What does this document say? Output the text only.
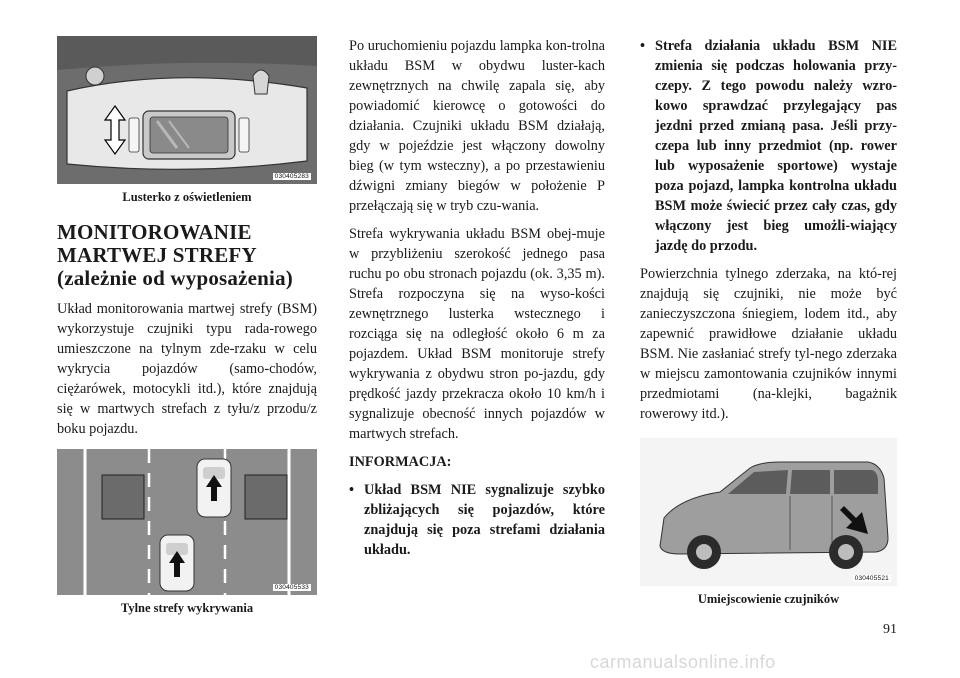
030405283
Lusterko z oświetleniem
MONITOROWANIE
MARTWEJ STREFY
(zależnie od wyposażenia)

Układ monitorowania martwej strefy (BSM) wykorzystuje czujniki typu rada-rowego umieszczone na tylnym zde-rzaku w celu wykrycia pojazdów (samo-chodów, ciężarówek, motocykli itd.), które znajdują się w martwych strefach z tyłu/z przodu/z boku pojazdu.

030405533
Tylne strefy wykrywania

Po uruchomieniu pojazdu lampka kon-trolna układu BSM w obydwu luster-kach zewnętrznych na chwilę zapala się, aby powiadomić kierowcę o gotowości do działania. Czujniki układu BSM działają, gdy w pojeździe jest włączony dowolny bieg (w tym wsteczny), a po przestawieniu dźwigni zmiany biegów w położenie P przełączają się w tryb czu-wania.

Strefa wykrywania układu BSM obej-muje w przybliżeniu szerokość jednego pasa ruchu po obu stronach pojazdu (ok. 3,35 m). Strefa rozpoczyna się na wyso-kości zewnętrznego lusterka wstecznego i rozciąga się na odległość około 6 m za pojazdem. Układ BSM monitoruje strefy wykrywania z obydwu stron po-jazdu, gdy prędkość jazdy przekracza około 10 km/h i sygnalizuje obecność innych pojazdów w martwych strefach.

INFORMACJA:
• Układ BSM NIE sygnalizuje szybko zbliżających się pojazdów, które znajdują się poza strefami działania układu.
• Strefa działania układu BSM NIE zmienia się podczas holowania przy-czepy. Z tego powodu należy wzro-kowo sprawdzać przylegający pas jezdni przed zmianą pasa. Jeśli przy-czepa lub inny przedmiot (np. rower lub wyposażenie sportowe) wystaje poza pojazd, lampka kontrolna układu BSM może świecić przez cały czas, gdy włączony jest bieg umożli-wiający jazdę do przodu.

Powierzchnia tylnego zderzaka, na któ-rej znajdują się czujniki, nie może być zanieczyszczona śniegiem, lodem itd., aby zapewnić prawidłowe działanie układu BSM. Nie zasłaniać strefy tyl-nego zderzaka w miejscu zamontowania czujników innymi przedmiotami (na-klejki, bagażnik rowerowy itd.).

030405521
Umiejscowienie czujników
91
carmanualsonline.info
